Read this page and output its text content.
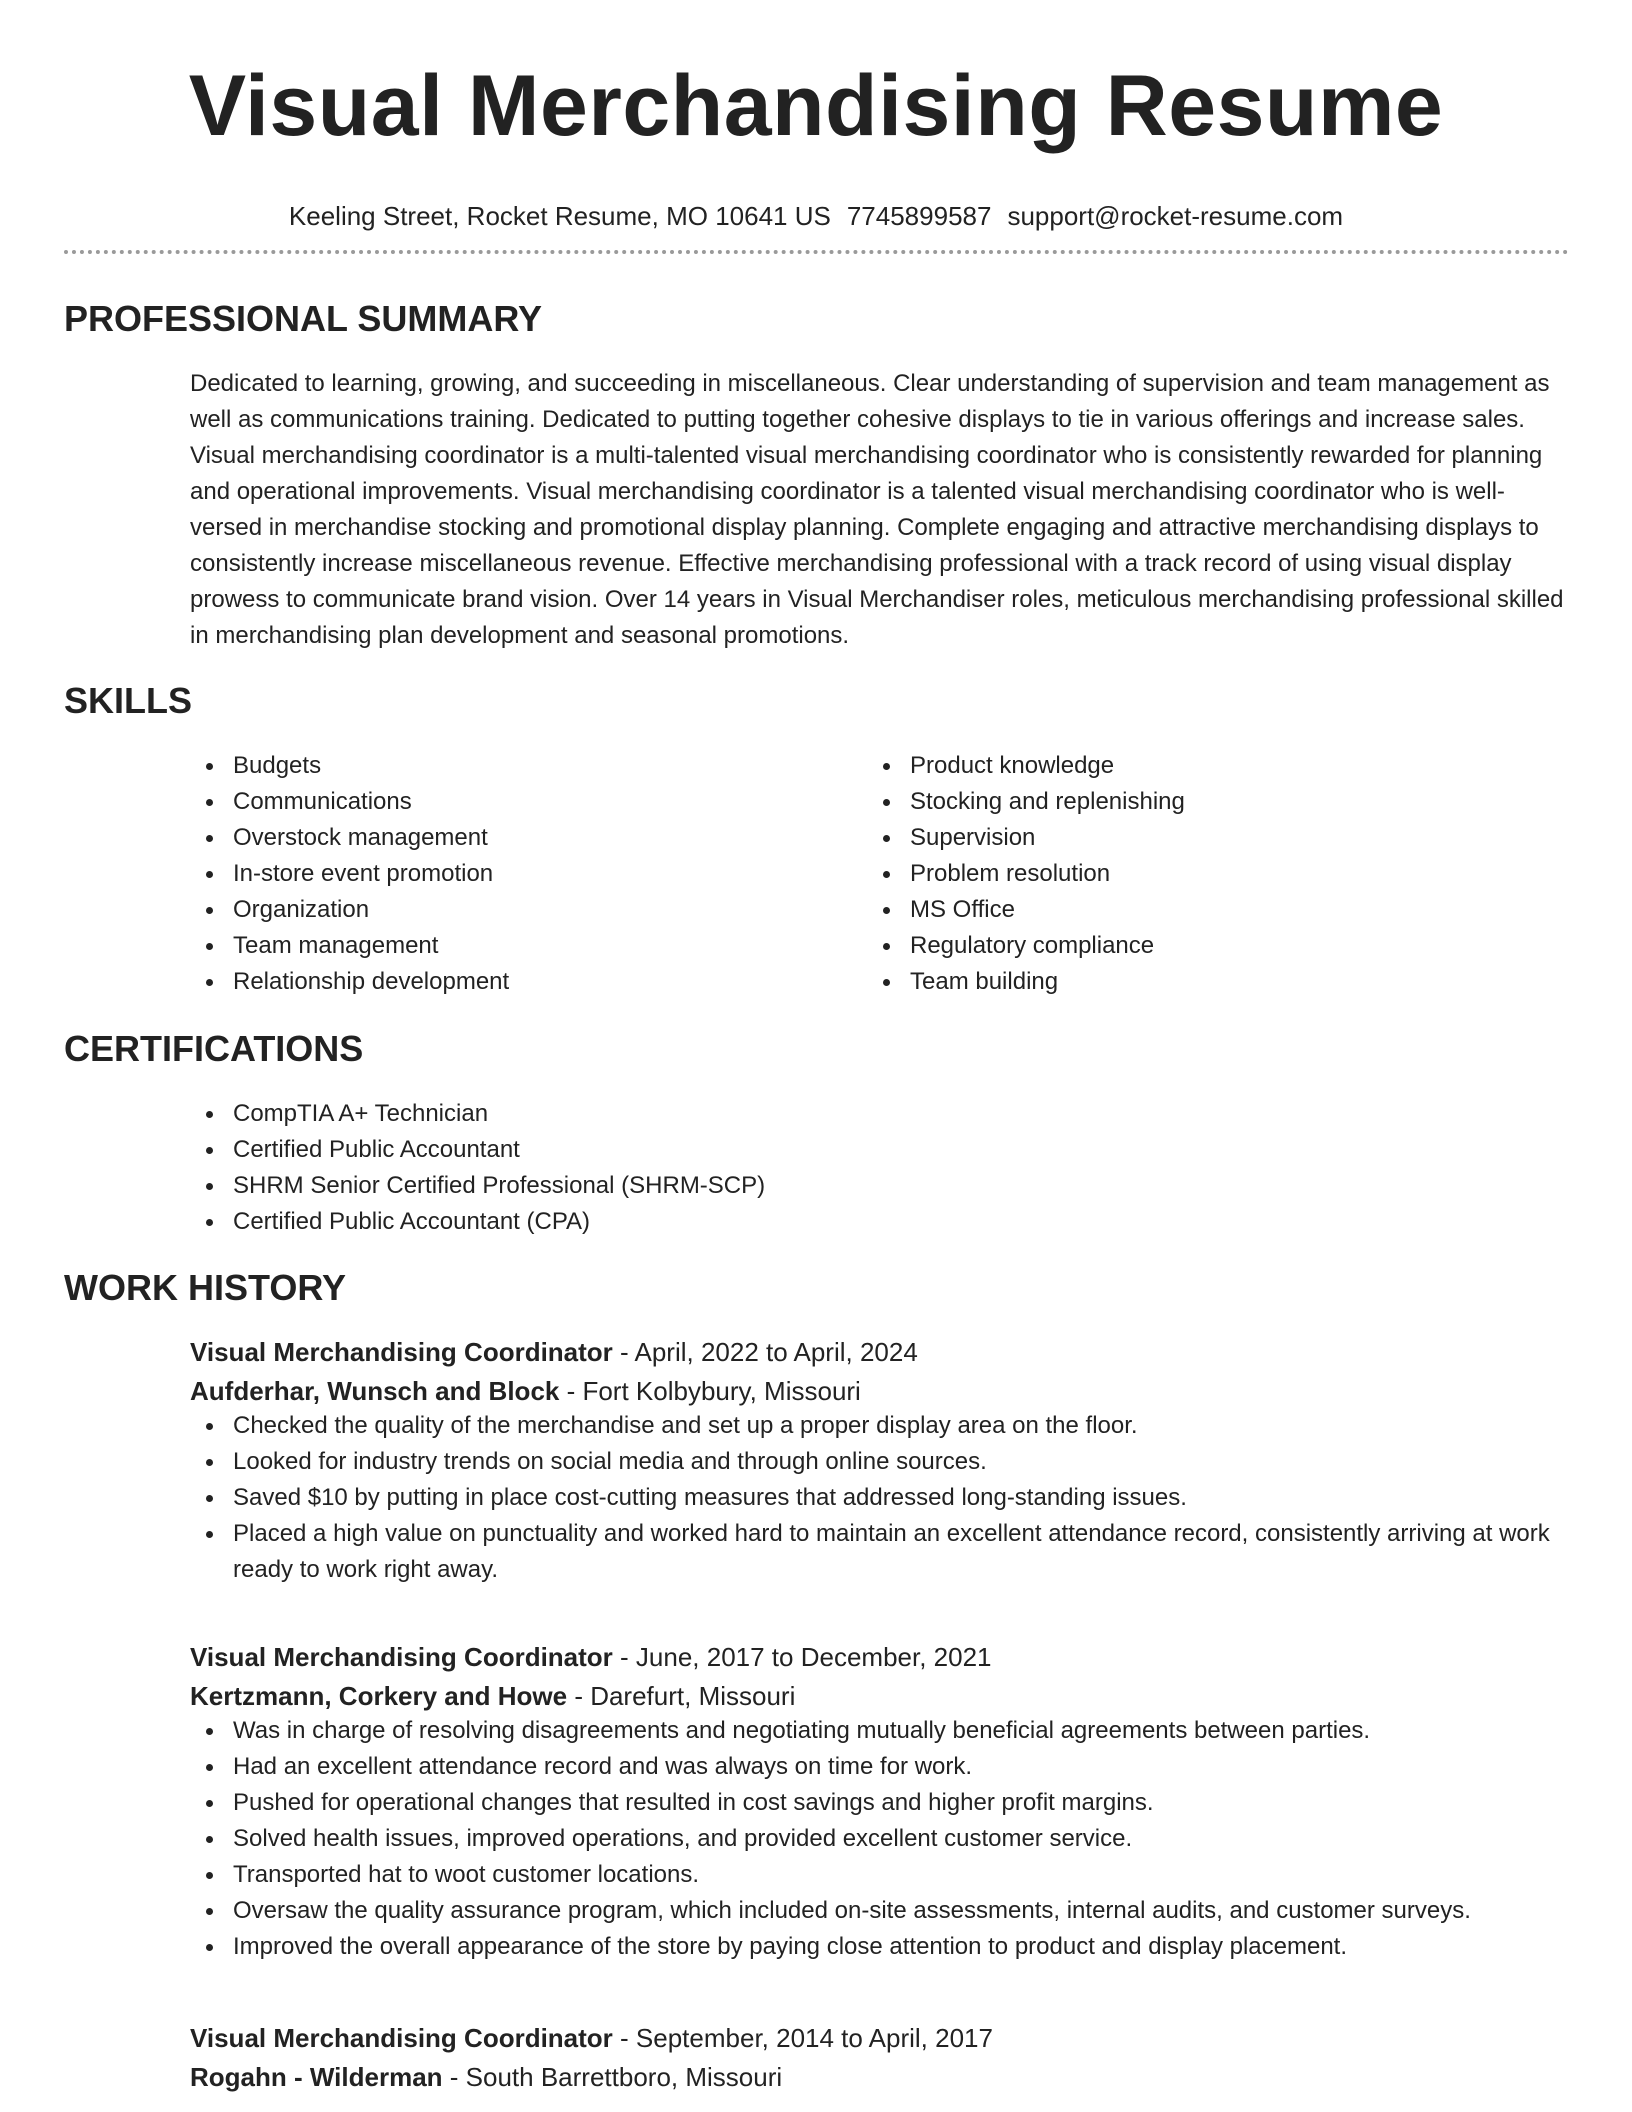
Visual Merchandising Resume
Keeling Street, Rocket Resume, MO 10641 US 7745899587 support@rocket-resume.com
PROFESSIONAL SUMMARY

Dedicated to learning, growing, and succeeding in miscellaneous. Clear understanding of supervision and team management as well as communications training. Dedicated to putting together cohesive displays to tie in various offerings and increase sales. Visual merchandising coordinator is a multi-talented visual merchandising coordinator who is consistently rewarded for planning and operational improvements. Visual merchandising coordinator is a talented visual merchandising coordinator who is well-versed in merchandise stocking and promotional display planning. Complete engaging and attractive merchandising displays to consistently increase miscellaneous revenue. Effective merchandising professional with a track record of using visual display prowess to communicate brand vision. Over 14 years in Visual Merchandiser roles, meticulous merchandising professional skilled in merchandising plan development and seasonal promotions.

SKILLS
Budgets
Communications
Overstock management
In-store event promotion
Organization
Team management
Relationship development
Product knowledge
Stocking and replenishing
Supervision
Problem resolution
MS Office
Regulatory compliance
Team building
CERTIFICATIONS
CompTIA A+ Technician
Certified Public Accountant
SHRM Senior Certified Professional (SHRM-SCP)
Certified Public Accountant (CPA)
WORK HISTORY
Visual Merchandising Coordinator - April, 2022 to April, 2024
Aufderhar, Wunsch and Block - Fort Kolbybury, Missouri
Checked the quality of the merchandise and set up a proper display area on the floor.
Looked for industry trends on social media and through online sources.
Saved $10 by putting in place cost-cutting measures that addressed long-standing issues.
Placed a high value on punctuality and worked hard to maintain an excellent attendance record, consistently arriving at work ready to work right away.
Visual Merchandising Coordinator - June, 2017 to December, 2021
Kertzmann, Corkery and Howe - Darefurt, Missouri
Was in charge of resolving disagreements and negotiating mutually beneficial agreements between parties.
Had an excellent attendance record and was always on time for work.
Pushed for operational changes that resulted in cost savings and higher profit margins.
Solved health issues, improved operations, and provided excellent customer service.
Transported hat to woot customer locations.
Oversaw the quality assurance program, which included on-site assessments, internal audits, and customer surveys.
Improved the overall appearance of the store by paying close attention to product and display placement.
Visual Merchandising Coordinator - September, 2014 to April, 2017
Rogahn - Wilderman - South Barrettboro, Missouri
